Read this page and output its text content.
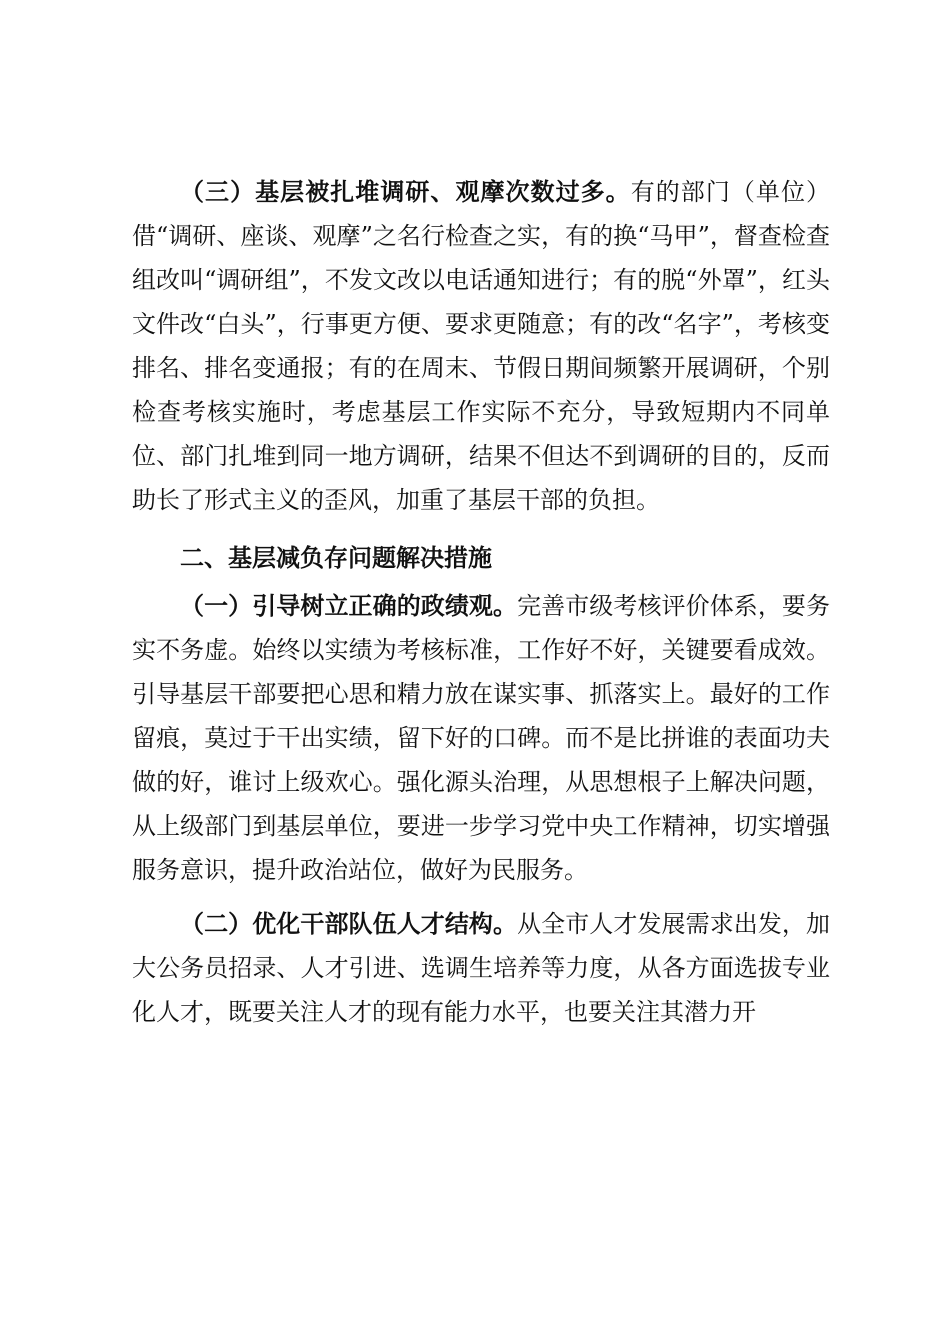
（三）基层被扎堆调研、观摩次数过多。有的部门（单位）借“调研、座谈、观摩”之名行检查之实，有的换“马甲”，督查检查组改叫“调研组”，不发文改以电话通知进行；有的脱“外罩”，红头文件改“白头”，行事更方便、要求更随意；有的改“名字”，考核变排名、排名变通报；有的在周末、节假日期间频繁开展调研，个别检查考核实施时，考虑基层工作实际不充分，导致短期内不同单位、部门扎堆到同一地方调研，结果不但达不到调研的目的，反而助长了形式主义的歪风，加重了基层干部的负担。

二、基层减负存问题解决措施

（一）引导树立正确的政绩观。完善市级考核评价体系，要务实不务虚。始终以实绩为考核标准，工作好不好，关键要看成效。引导基层干部要把心思和精力放在谋实事、抓落实上。最好的工作留痕，莫过于干出实绩，留下好的口碑。而不是比拼谁的表面功夫做的好，谁讨上级欢心。强化源头治理，从思想根子上解决问题，从上级部门到基层单位，要进一步学习党中央工作精神，切实增强服务意识，提升政治站位，做好为民服务。

（二）优化干部队伍人才结构。从全市人才发展需求出发，加大公务员招录、人才引进、选调生培养等力度，从各方面选拔专业化人才，既要关注人才的现有能力水平，也要关注其潜力开
